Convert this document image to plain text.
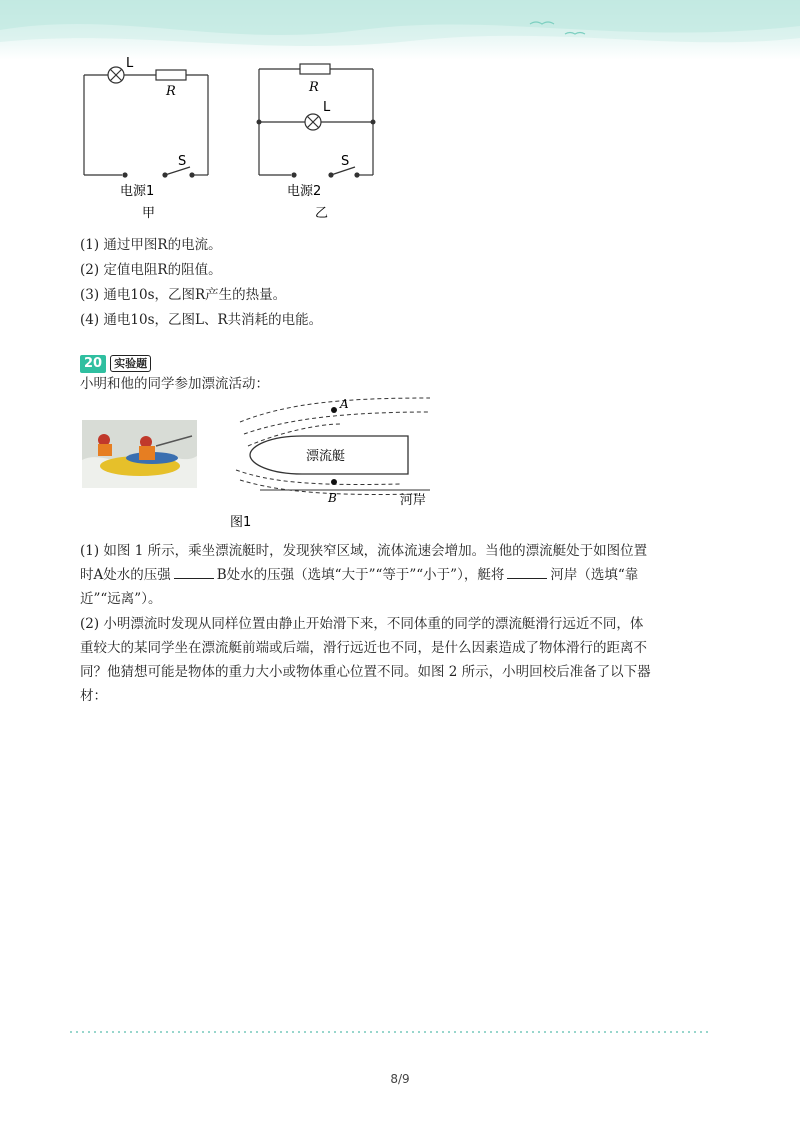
L
R
S
电源1
甲
R
L
S
电源2
乙
(1) 通过甲图R的电流。
(2) 定值电阻R的阻值。
(3) 通电10s，乙图R产生的热量。
(4) 通电10s，乙图L、R共消耗的电能。
20 实验题
小明和他的同学参加漂流活动：
A
B
漂流艇
河岸
图1
(1) 如图 1 所示，乘坐漂流艇时，发现狭窄区域，流体流速会增加。当他的漂流艇处于如图位置
时A处水的压强	B处水的压强（选填“大于”“等于”“小于”），艇将	河岸（选填“靠
近”“远离”）。
(2) 小明漂流时发现从同样位置由静止开始滑下来，不同体重的同学的漂流艇滑行远近不同，体
重较大的某同学坐在漂流艇前端或后端，滑行远近也不同，是什么因素造成了物体滑行的距离不
同？他猜想可能是物体的重力大小或物体重心位置不同。如图 2 所示，小明回校后准备了以下器
材：
8/9
